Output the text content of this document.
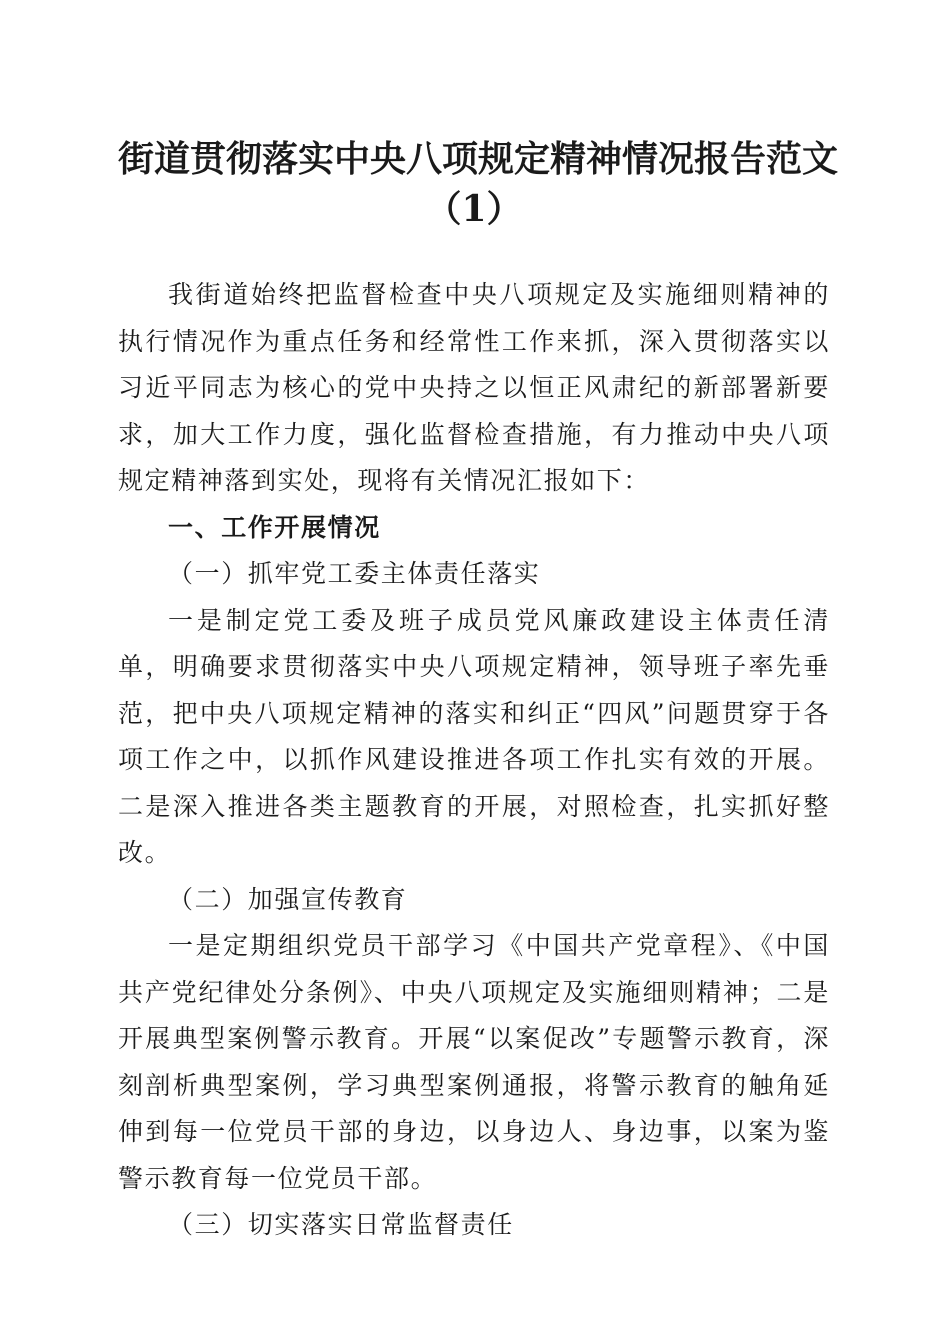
街道贯彻落实中央八项规定精神情况报告范文
（1）

我街道始终把监督检查中央八项规定及实施细则精神的执行情况作为重点任务和经常性工作来抓，深入贯彻落实以习近平同志为核心的党中央持之以恒正风肃纪的新部署新要求，加大工作力度，强化监督检查措施，有力推动中央八项规定精神落到实处，现将有关情况汇报如下：

一、工作开展情况

（一）抓牢党工委主体责任落实

一是制定党工委及班子成员党风廉政建设主体责任清单，明确要求贯彻落实中央八项规定精神，领导班子率先垂范，把中央八项规定精神的落实和纠正“四风”问题贯穿于各项工作之中，以抓作风建设推进各项工作扎实有效的开展。二是深入推进各类主题教育的开展，对照检查，扎实抓好整改。

（二）加强宣传教育

一是定期组织党员干部学习《中国共产党章程》、《中国共产党纪律处分条例》、中央八项规定及实施细则精神；二是开展典型案例警示教育。开展“以案促改”专题警示教育，深刻剖析典型案例，学习典型案例通报，将警示教育的触角延伸到每一位党员干部的身边，以身边人、身边事，以案为鉴警示教育每一位党员干部。

（三）切实落实日常监督责任
